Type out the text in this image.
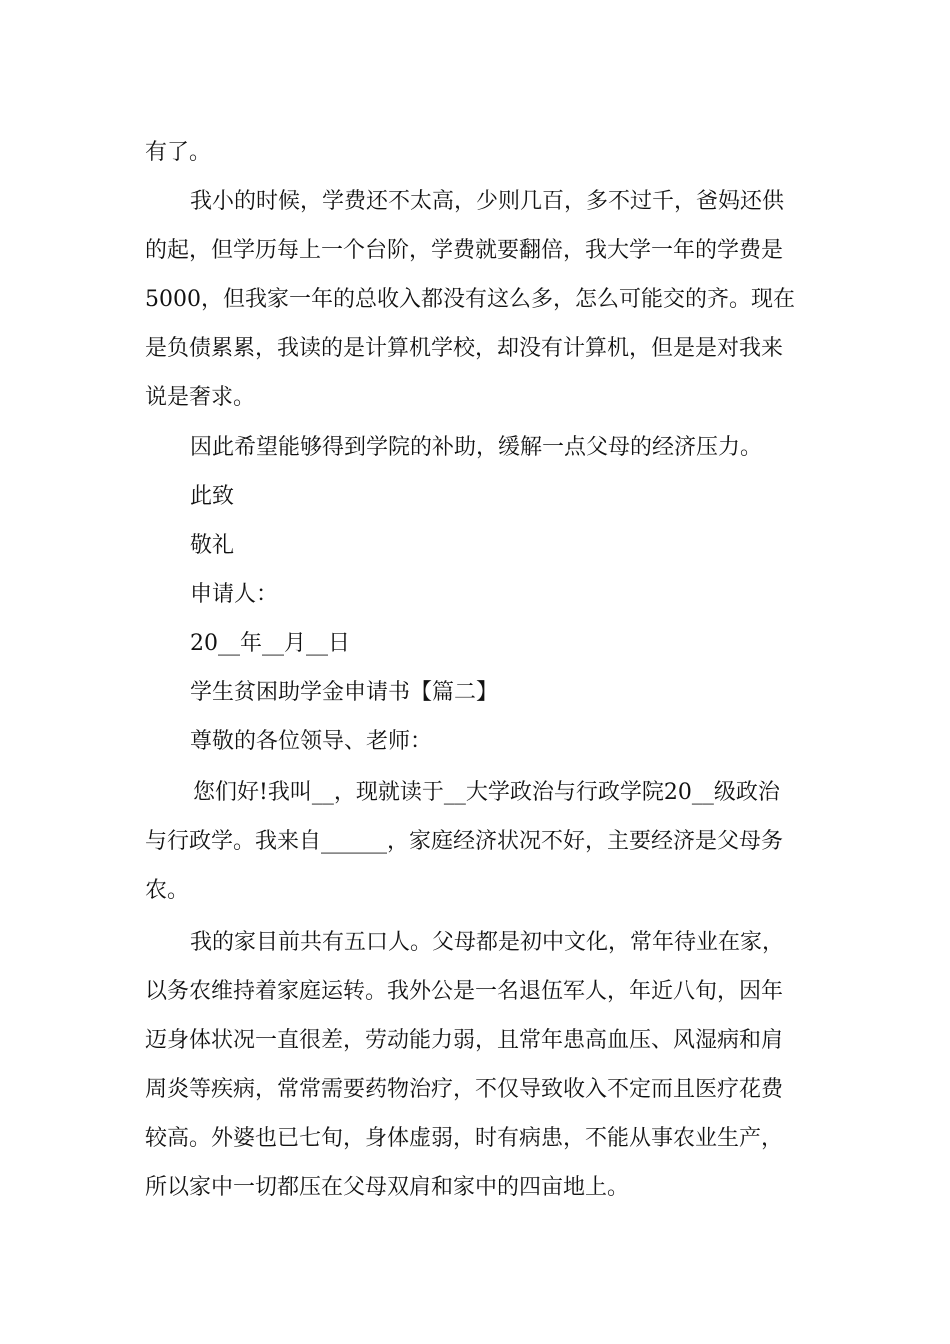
有了。
我小的时候，学费还不太高，少则几百，多不过千，爸妈还供
的起，但学历每上一个台阶，学费就要翻倍，我大学一年的学费是
5000，但我家一年的总收入都没有这么多，怎么可能交的齐。现在
是负债累累，我读的是计算机学校，却没有计算机，但是是对我来
说是奢求。
因此希望能够得到学院的补助，缓解一点父母的经济压力。
此致
敬礼
申请人：
20__年__月__日
学生贫困助学金申请书【篇二】
尊敬的各位领导、老师：
您们好!我叫__，现就读于__大学政治与行政学院20__级政治
与行政学。我来自______，家庭经济状况不好，主要经济是父母务
农。
我的家目前共有五口人。父母都是初中文化，常年待业在家，
以务农维持着家庭运转。我外公是一名退伍军人，年近八旬，因年
迈身体状况一直很差，劳动能力弱，且常年患高血压、风湿病和肩
周炎等疾病，常常需要药物治疗，不仅导致收入不定而且医疗花费
较高。外婆也已七旬，身体虚弱，时有病患，不能从事农业生产，
所以家中一切都压在父母双肩和家中的四亩地上。
